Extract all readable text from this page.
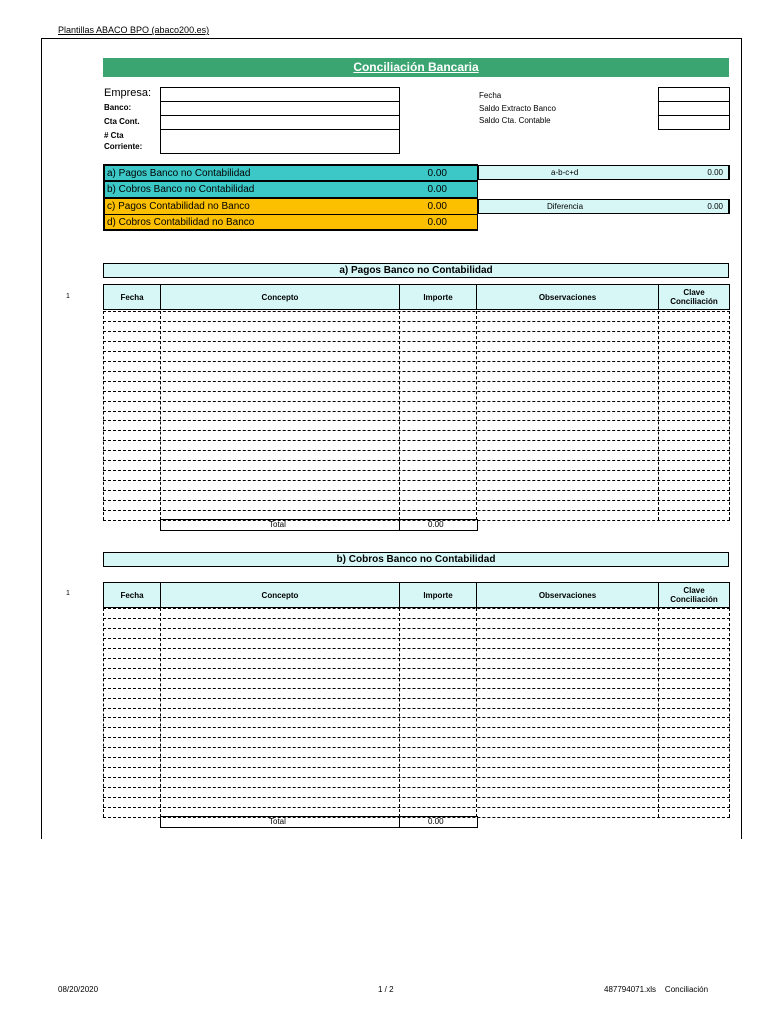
Plantillas ABACO BPO (abaco200.es)
Conciliación Bancaria
Empresa:
Banco:
Cta Cont.
# Cta
Corriente:
Fecha
Saldo Extracto Banco
Saldo Cta. Contable
a) Pagos Banco no Contabilidad	0.00
b) Cobros Banco no Contabilidad	0.00
c) Pagos Contabilidad no Banco	0.00
d) Cobros Contabilidad no Banco	0.00
a-b-c+d	0.00
Diferencia	0.00
a) Pagos Banco no Contabilidad
1	Fecha	Concepto	Importe	Observaciones	Clave
Conciliación
Total	0.00
b) Cobros Banco no Contabilidad
1	Fecha	Concepto	Importe	Observaciones	Clave
Conciliación
Total	0.00
08/20/2020	1 / 2	487794071.xls    Conciliación
